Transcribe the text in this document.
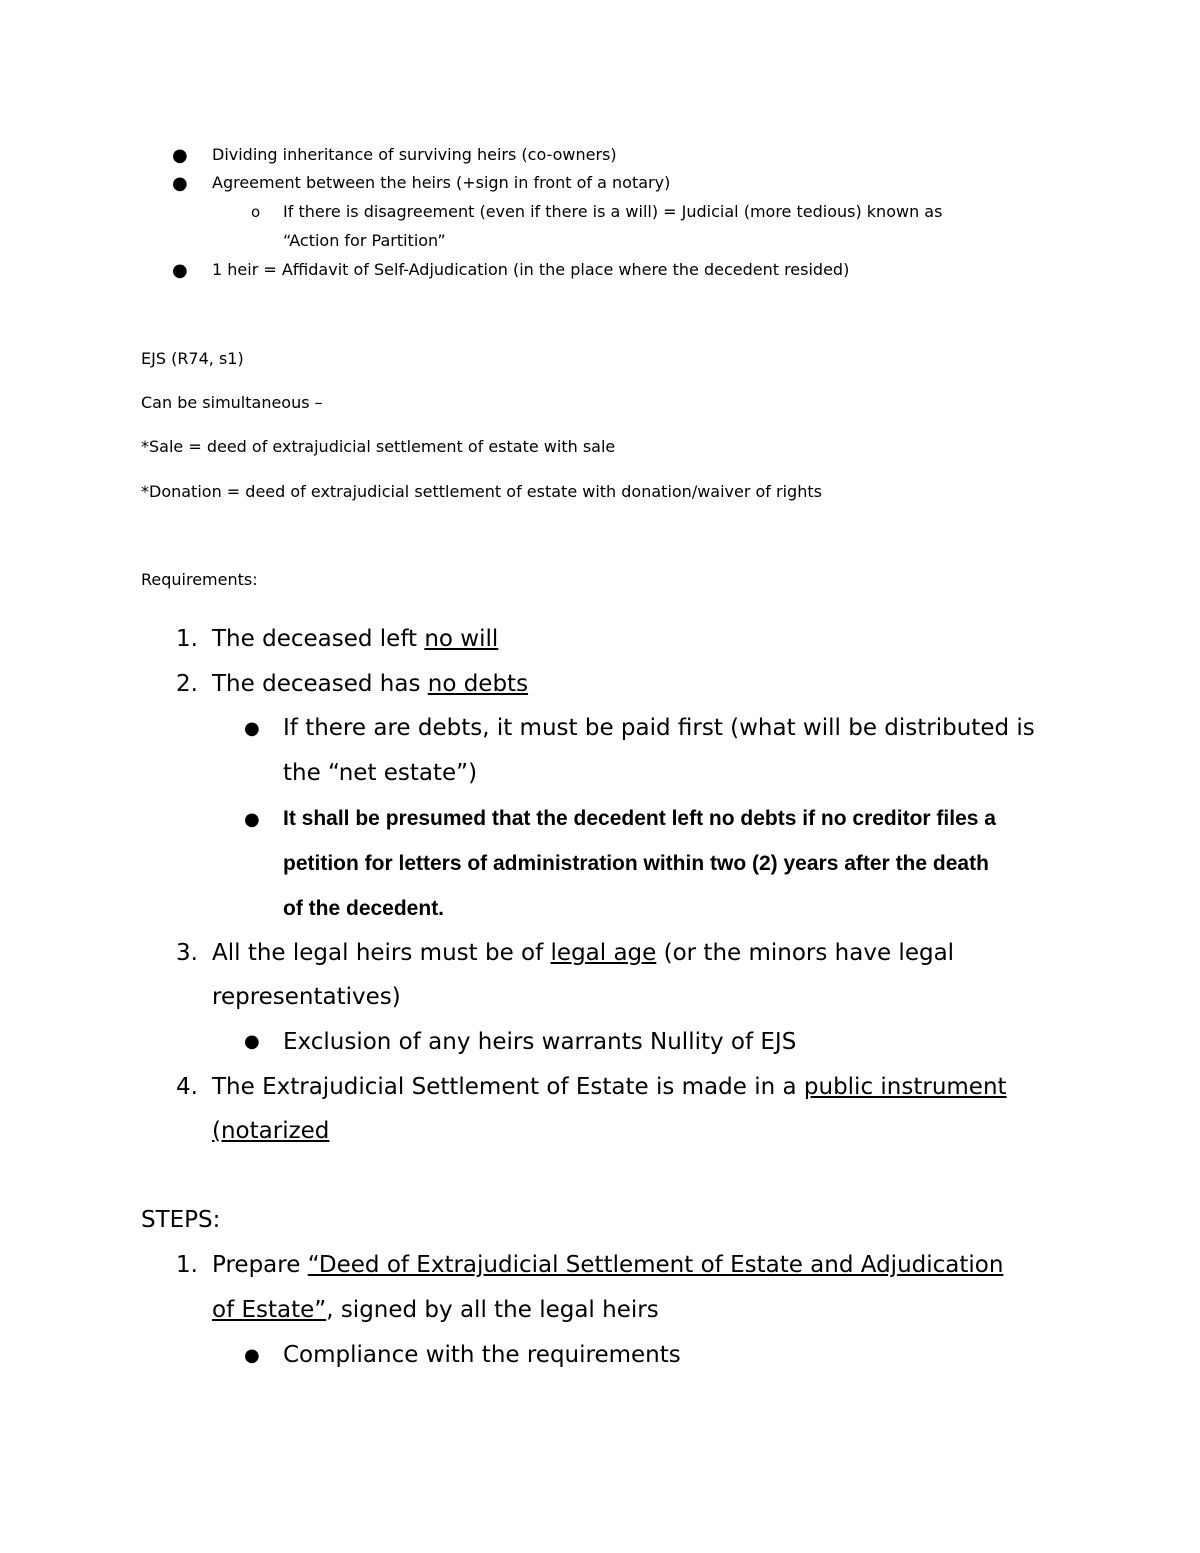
● Dividing inheritance of surviving heirs (co-owners)
● Agreement between the heirs (+sign in front of a notary)
o If there is disagreement (even if there is a will) = Judicial (more tedious) known as
“Action for Partition”
● 1 heir = Affidavit of Self-Adjudication (in the place where the decedent resided)
EJS (R74, s1)
Can be simultaneous –
*Sale = deed of extrajudicial settlement of estate with sale
*Donation = deed of extrajudicial settlement of estate with donation/waiver of rights
Requirements:
1. The deceased left no will
2. The deceased has no debts
● If there are debts, it must be paid first (what will be distributed is
the “net estate”)
● It shall be presumed that the decedent left no debts if no creditor files a
petition for letters of administration within two (2) years after the death
of the decedent.
3. All the legal heirs must be of legal age (or the minors have legal
representatives)
● Exclusion of any heirs warrants Nullity of EJS
4. The Extrajudicial Settlement of Estate is made in a public instrument
(notarized
STEPS:
1. Prepare “Deed of Extrajudicial Settlement of Estate and Adjudication
of Estate”, signed by all the legal heirs
● Compliance with the requirements
